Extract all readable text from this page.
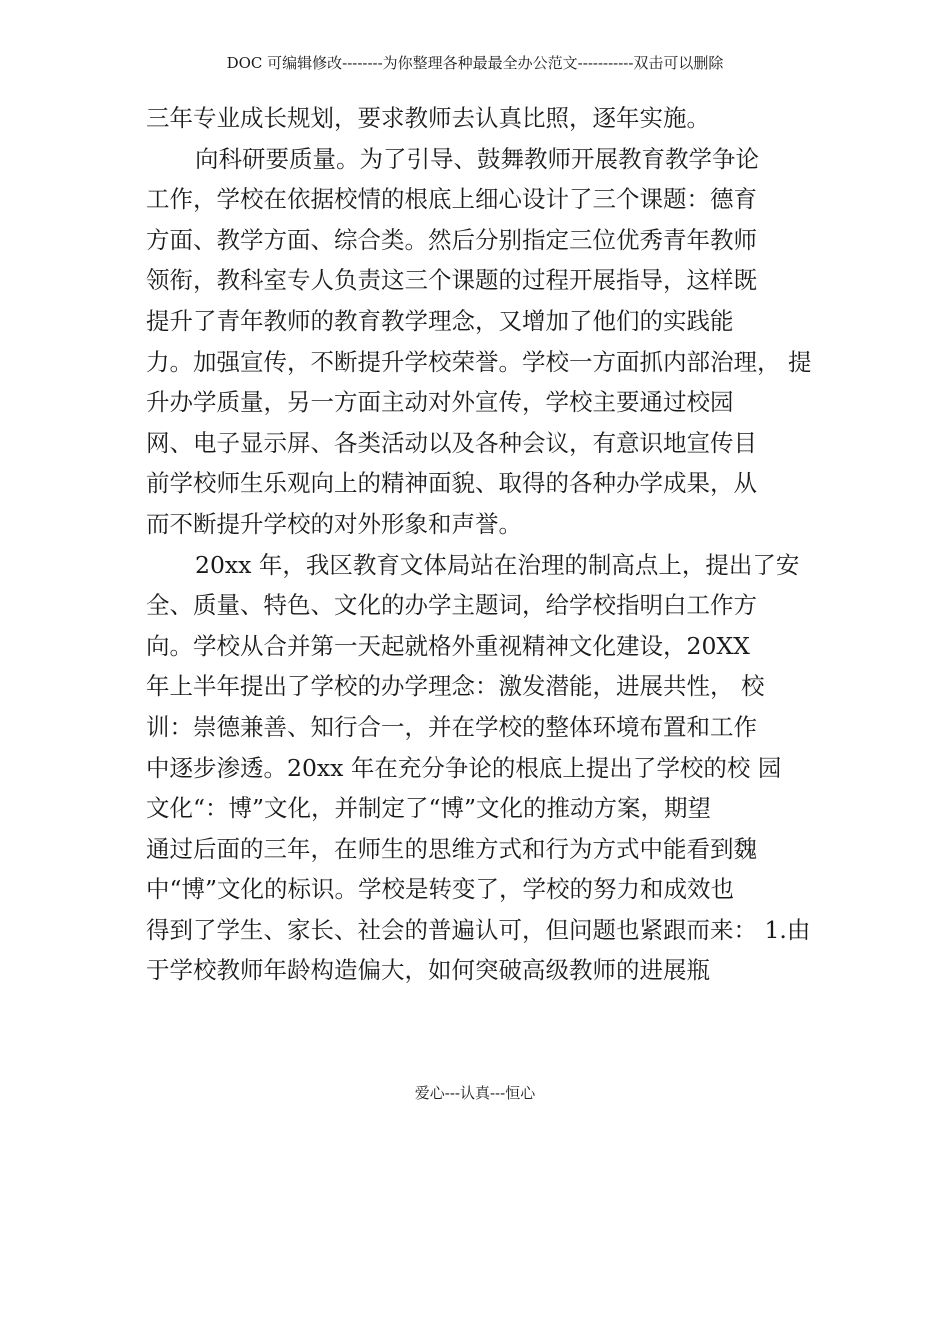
DOC 可编辑修改--------为你整理各种最最全办公范文-----------双击可以删除
三年专业成长规划，要求教师去认真比照，逐年实施。
向科研要质量。为了引导、鼓舞教师开展教育教学争论
工作，学校在依据校情的根底上细心设计了三个课题：德育
方面、教学方面、综合类。然后分别指定三位优秀青年教师
领衔，教科室专人负责这三个课题的过程开展指导，这样既
提升了青年教师的教育教学理念，又增加了他们的实践能
力。加强宣传，不断提升学校荣誉。学校一方面抓内部治理， 提
升办学质量，另一方面主动对外宣传，学校主要通过校园
网、电子显示屏、各类活动以及各种会议，有意识地宣传目
前学校师生乐观向上的精神面貌、取得的各种办学成果，从
而不断提升学校的对外形象和声誉。
20xx 年，我区教育文体局站在治理的制高点上，提出了安
全、质量、特色、文化的办学主题词，给学校指明白工作方
向。学校从合并第一天起就格外重视精神文化建设，20XX
年上半年提出了学校的办学理念：激发潜能，进展共性， 校
训：崇德兼善、知行合一，并在学校的整体环境布置和工作
中逐步渗透。20xx 年在充分争论的根底上提出了学校的校 园
文化“：博”文化，并制定了“博”文化的推动方案，期望
通过后面的三年，在师生的思维方式和行为方式中能看到魏
中“博”文化的标识。学校是转变了，学校的努力和成效也
得到了学生、家长、社会的普遍认可，但问题也紧跟而来： 1.由
于学校教师年龄构造偏大，如何突破高级教师的进展瓶
爱心---认真---恒心
